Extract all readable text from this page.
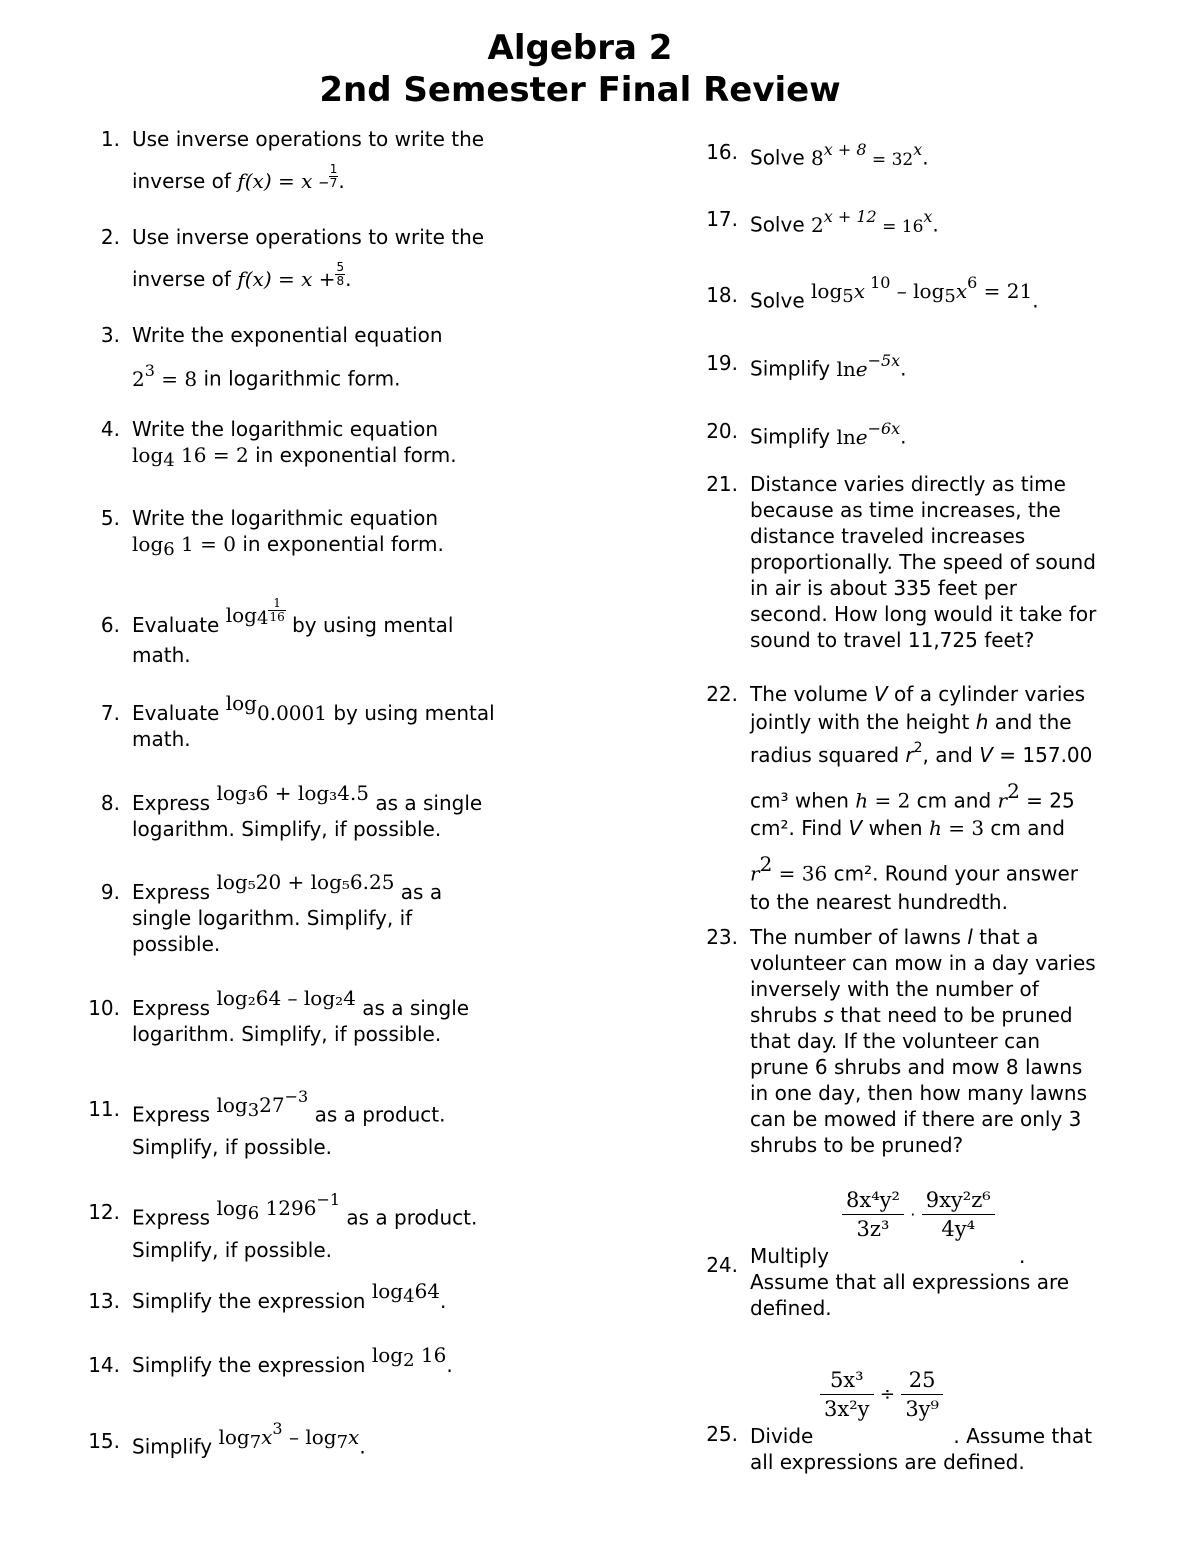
Algebra 2
2nd Semester Final Review
1. Use inverse operations to write the
inverse of $f(x) = x - \frac{1}{7}$ .
2. Use inverse operations to write the
inverse of $f(x) = x + \frac{5}{8}$ .
3. Write the exponential equation
$2^3 = 8$ in logarithmic form.
4. Write the logarithmic equation
$\log_4 16 = 2$ in exponential form.
5. Write the logarithmic equation
$\log_6 1 = 0$ in exponential form.
6. Evaluate $\log_4 \frac{1}{16}$
by using mental
math.
7. Evaluate log0.0001 by using mental
math.
8. Express log₃6 + log₃4.5 as a single
logarithm. Simplify, if possible.
9. Express log₅20 + log₅6.25 as a
single logarithm. Simplify, if
possible.
10. Express log₂64 – log₂4 as a single
logarithm. Simplify, if possible.
11. Express $\log_327^{-3}$ as a product.
Simplify, if possible.
12. Express $\log_6 1296^{-1}$ as a product.
Simplify, if possible.
13. Simplify the expression $\log_464$.
14. Simplify the expression $\log_2 16$.
15. Simplify $\log_7x^3 - \log_7x$.
16. Solve $8^{x + 8} = 32^x$.
17. Solve $2^{x + 12} = 16^x$.
18. Solve $\log_5x$ $^{10} - \log_5x^6 = 21$.
19. Simplify lne$^{-5x}$.
20. Simplify lne$^{-6x}$.
21. Distance varies directly as time
because as time increases, the
distance traveled increases
proportionally. The speed of sound
in air is about 335 feet per
second. How long would it take for
sound to travel 11,725 feet?
22. The volume V of a cylinder varies
jointly with the height h and the
radius squared $r^2$, and V = 157.00
cm³ when h = 2 cm and $r^2 = 25$
cm². Find V when h = 3 cm and
$r^2 = 36$ cm². Round your answer
to the nearest hundredth.
23. The number of lawns l that a
volunteer can mow in a day varies
inversely with the number of
shrubs s that need to be pruned
that day. If the volunteer can
prune 6 shrubs and mow 8 lawns
in one day, then how many lawns
can be mowed if there are only 3
shrubs to be pruned?
24.
$\frac{\text{8x⁴y²}}{\text{3z³}} \cdot \frac{\text{9xy²z⁶}}{\text{4y⁴}}$

Multiply	.
Assume that all expressions are
defined.
25.
$\frac{\text{5x³}}{\text{3x²y}} \div \frac{25}{\text{3y⁹}}$

Divide	. Assume that
all expressions are defined.
